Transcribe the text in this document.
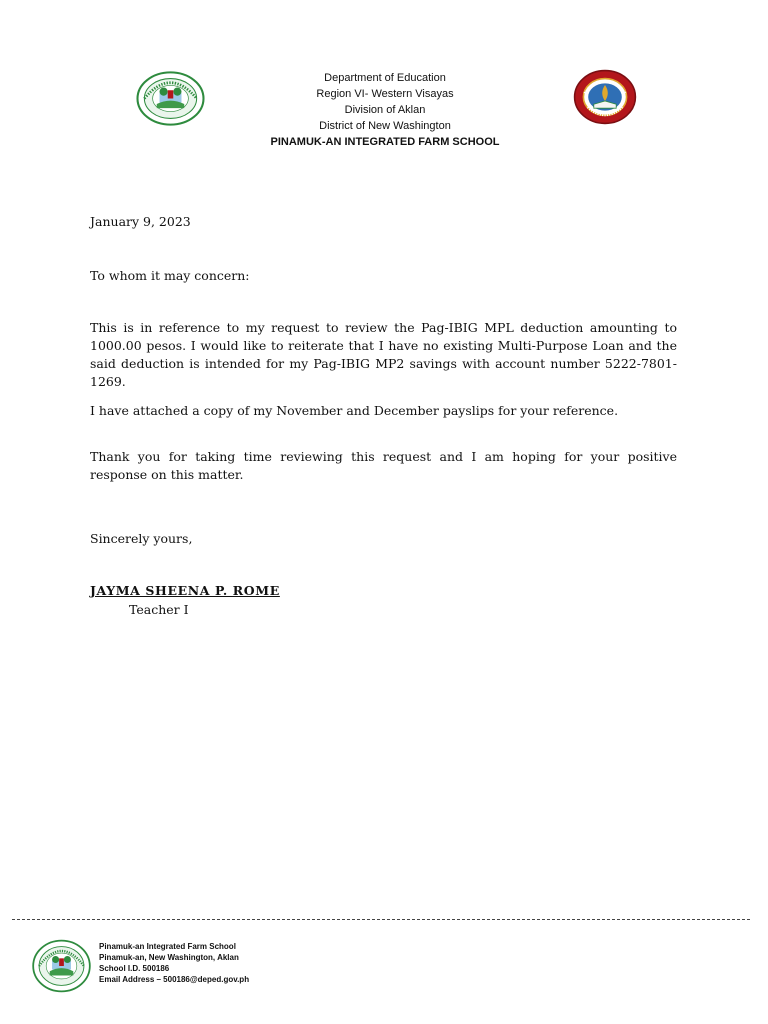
Department of Education
Region VI- Western Visayas
Division of Aklan
District of New Washington
PINAMUK-AN INTEGRATED FARM SCHOOL
January 9, 2023
To whom it may concern:

This is in reference to my request to review the Pag-IBIG MPL deduction amounting to 1000.00 pesos. I would like to reiterate that I have no existing Multi-Purpose Loan and the said deduction is intended for my Pag-IBIG MP2 savings with account number 5222-7801-1269.

I have attached a copy of my November and December payslips for your reference.

Thank you for taking time reviewing this request and I am hoping for your positive response on this matter.

Sincerely yours,
JAYMA SHEENA P. ROME
Teacher I
Pinamuk-an Integrated Farm School
Pinamuk-an, New Washington, Aklan
School I.D. 500186
Email Address – 500186@deped.gov.ph
